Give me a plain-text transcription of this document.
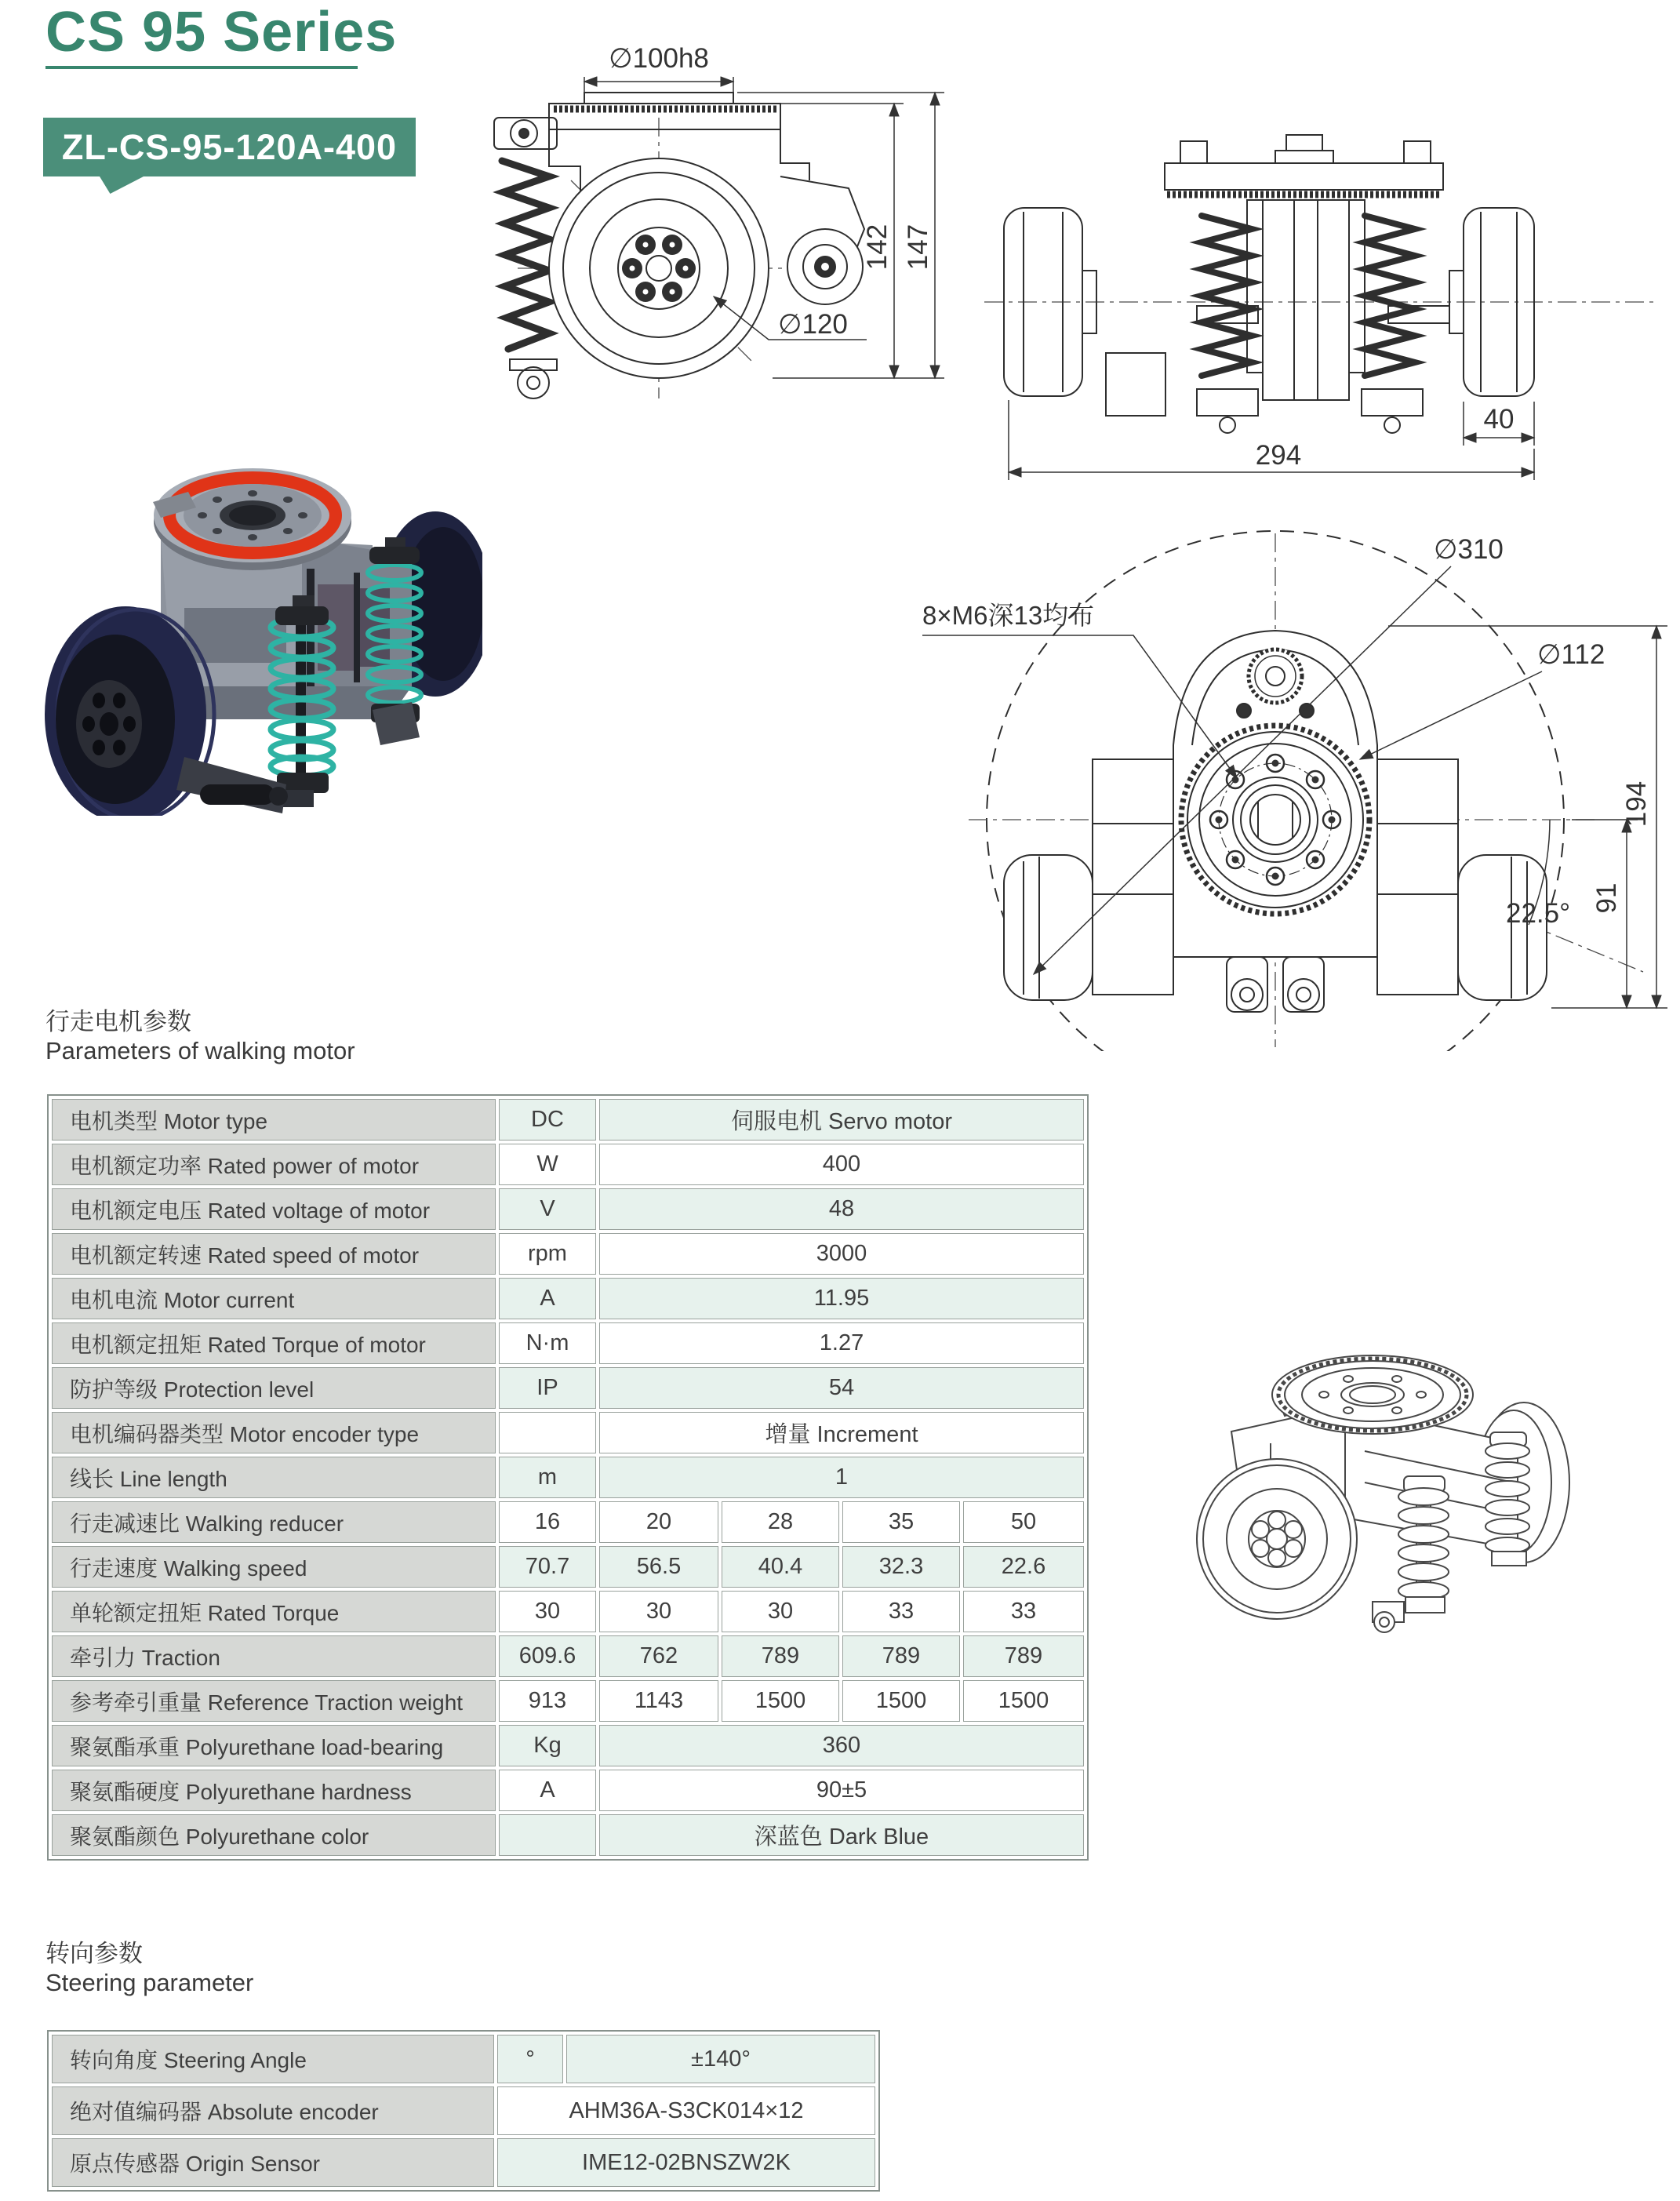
CS 95 Series
ZL-CS-95-120A-400
∅100h8
142 147
∅120
40
294
8×M6深13均布
∅310
∅112
194
91
22.5°
行走电机参数
Parameters of walking motor
电机类型 Motor type	DC	伺服电机 Servo motor			
电机额定功率 Rated power of motor	W	400			
电机额定电压 Rated voltage of motor	V	48			
电机额定转速 Rated speed of motor	rpm	3000			
电机电流 Motor current	A	11.95			
电机额定扭矩 Rated Torque of motor	N·m	1.27			
防护等级 Protection level	IP	54			
电机编码器类型 Motor encoder type		增量 Increment			
线长 Line length	m	1			
行走减速比 Walking reducer	16	20	28	35	50
行走速度 Walking speed	70.7	56.5	40.4	32.3	22.6
单轮额定扭矩 Rated Torque	30	30	30	33	33
牵引力 Traction	609.6	762	789	789	789
参考牵引重量 Reference Traction weight	913	1143	1500	1500	1500
聚氨酯承重 Polyurethane load-bearing	Kg	360			
聚氨酯硬度 Polyurethane hardness	A	90±5			
聚氨酯颜色 Polyurethane color		深蓝色 Dark Blue			
转向参数
Steering parameter
转向角度 Steering Angle	°	±140°
绝对值编码器 Absolute encoder	AHM36A-S3CK014×12	
原点传感器 Origin Sensor	IME12-02BNSZW2K	
